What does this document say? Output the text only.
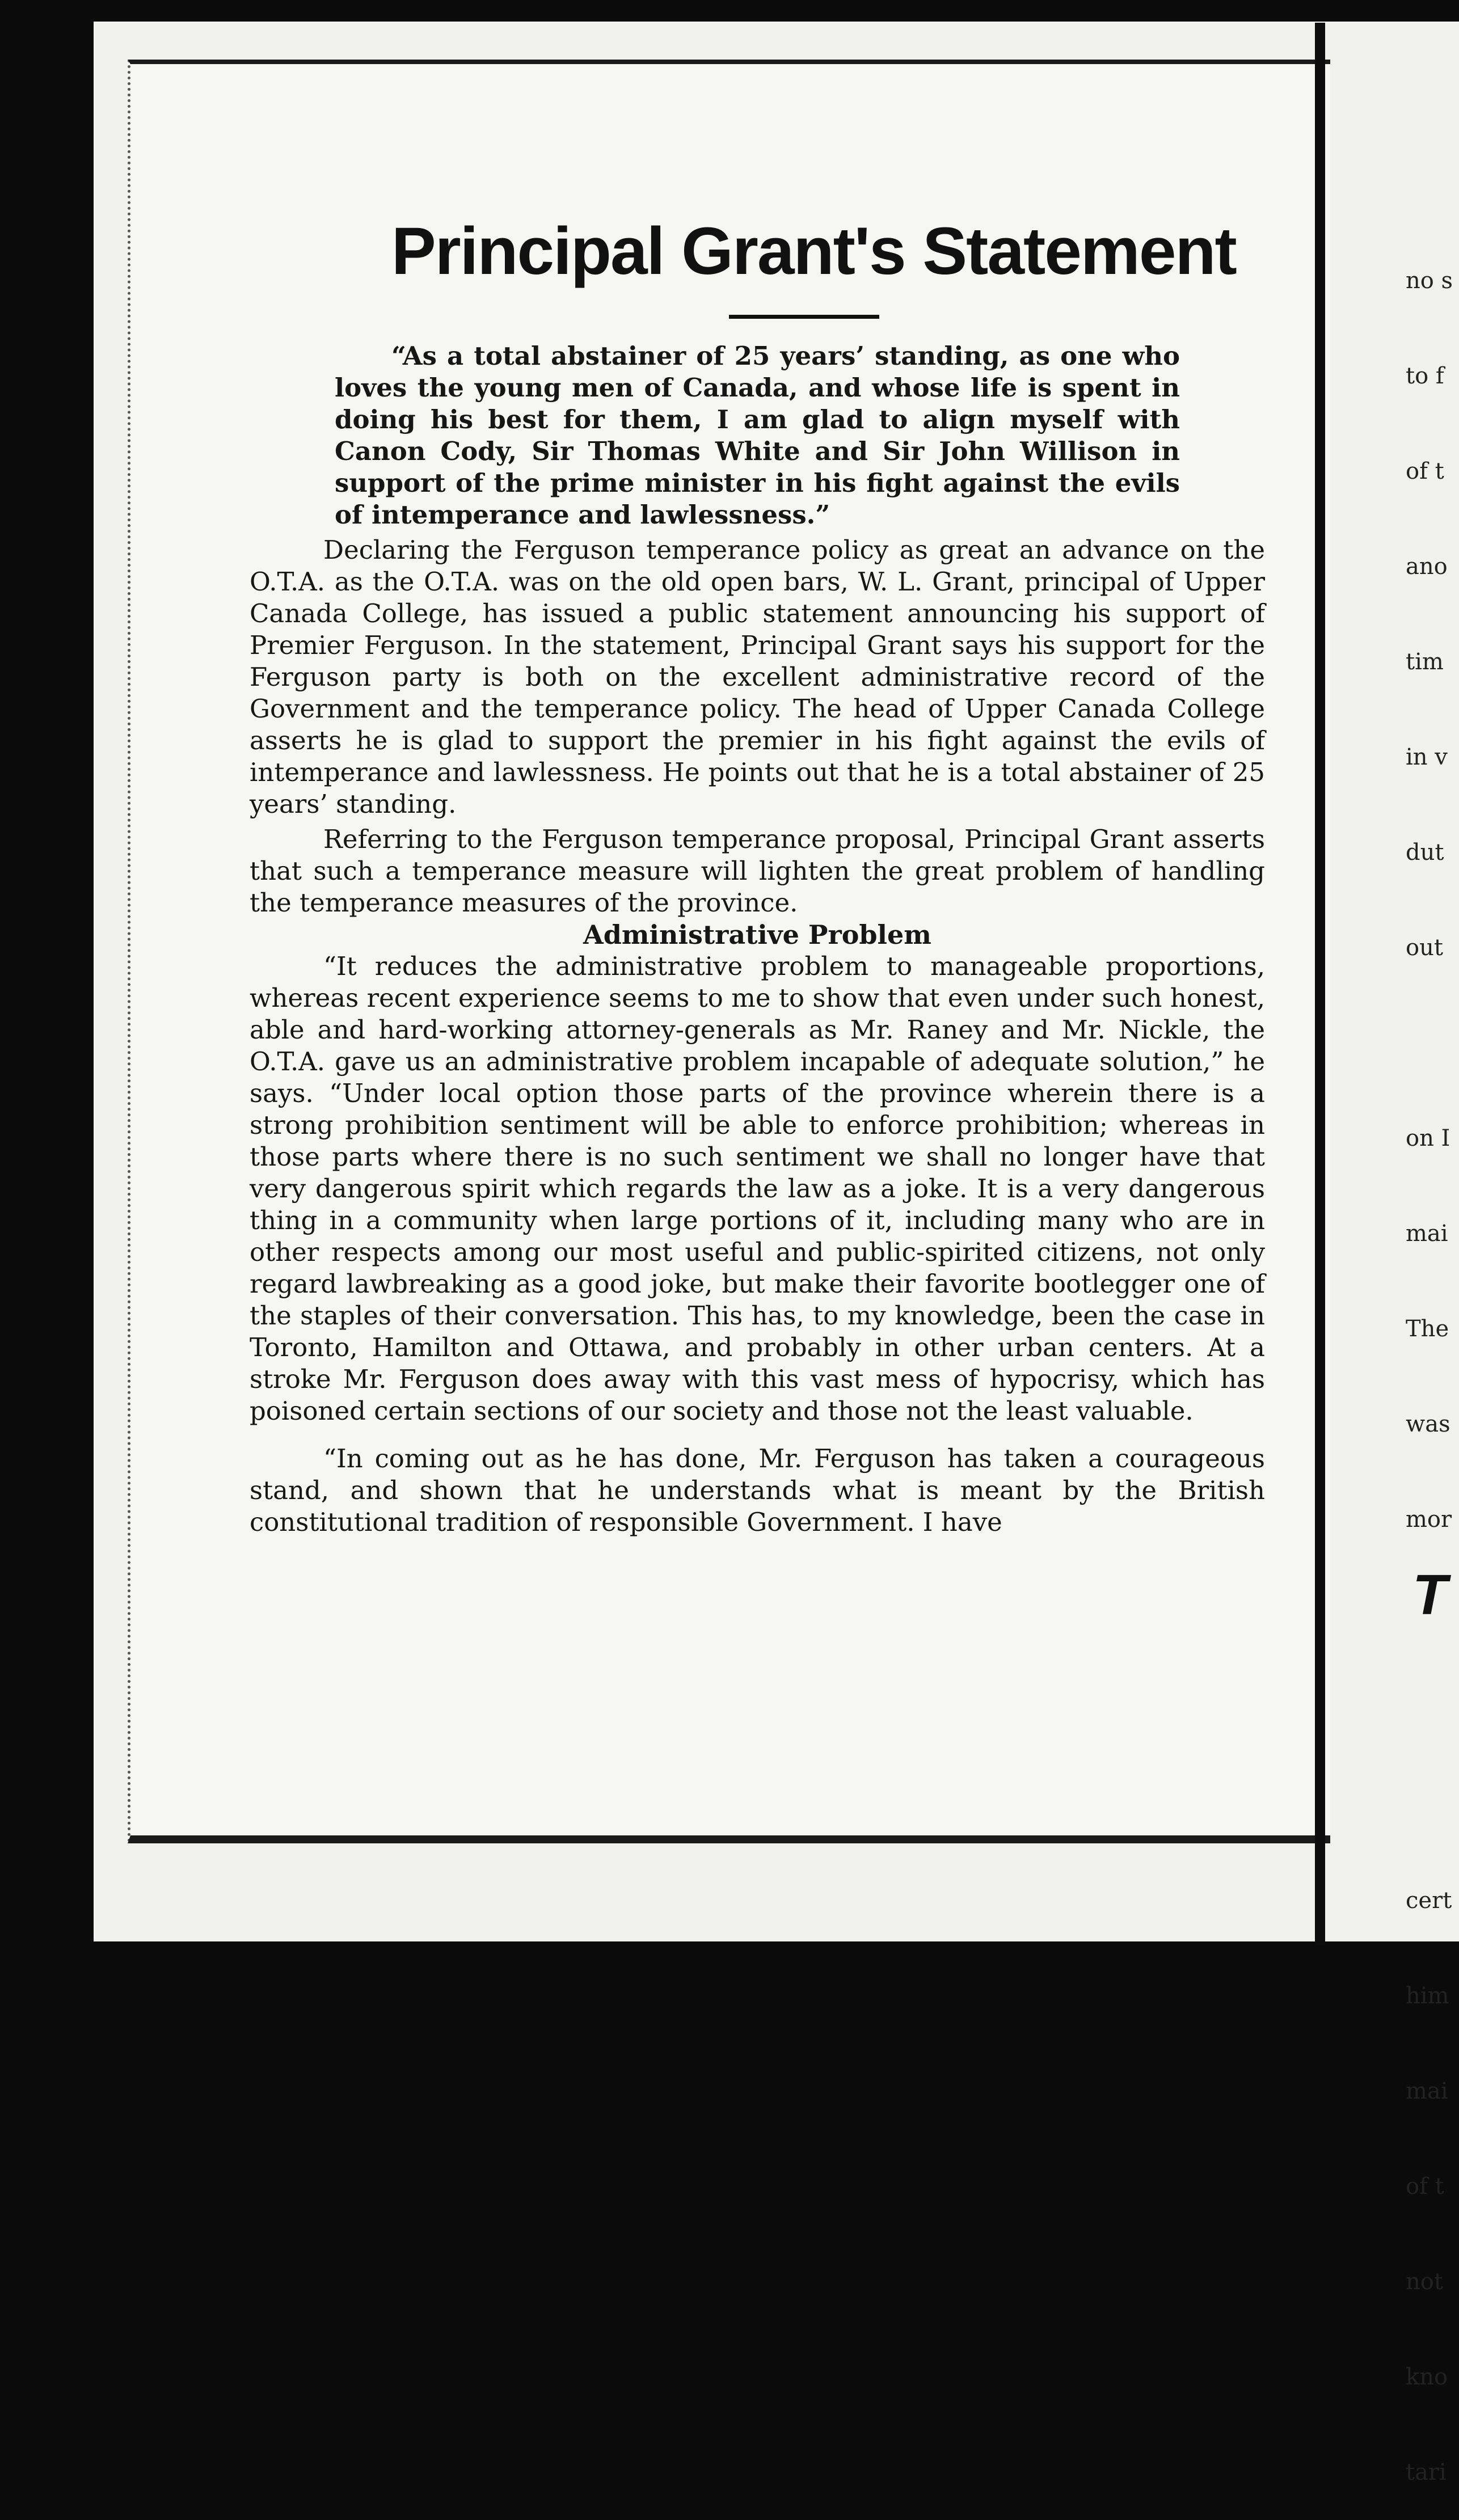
Principal Grant's Statement

“As a total abstainer of 25 years’ standing, as one who loves the young men of Canada, and whose life is spent in doing his best for them, I am glad to align myself with Canon Cody, Sir Thomas White and Sir John Willison in support of the prime minister in his fight against the evils of intemperance and lawlessness.”

Declaring the Ferguson temperance policy as great an advance on the O.T.A. as the O.T.A. was on the old open bars, W. L. Grant, principal of Upper Canada College, has issued a public statement announcing his support of Premier Ferguson. In the statement, Principal Grant says his support for the Ferguson party is both on the excellent administrative record of the Government and the temperance policy. The head of Upper Canada College asserts he is glad to support the premier in his fight against the evils of intemperance and lawlessness. He points out that he is a total abstainer of 25 years’ standing.

Referring to the Ferguson temperance proposal, Principal Grant asserts that such a temperance measure will lighten the great problem of handling the temperance measures of the province.

Administrative Problem

“It reduces the administrative problem to manageable proportions, whereas recent experience seems to me to show that even under such honest, able and hard-working attorney-generals as Mr. Raney and Mr. Nickle, the O.T.A. gave us an administrative problem incapable of adequate solution,” he says. “Under local option those parts of the province wherein there is a strong prohibition sentiment will be able to enforce prohibition; whereas in those parts where there is no such sentiment we shall no longer have that very dangerous spirit which regards the law as a joke. It is a very dangerous thing in a community when large portions of it, including many who are in other respects among our most useful and public-spirited citizens, not only regard lawbreaking as a good joke, but make their favorite bootlegger one of the staples of their conversation. This has, to my knowledge, been the case in Toronto, Hamilton and Ottawa, and probably in other urban centers. At a stroke Mr. Ferguson does away with this vast mess of hypocrisy, which has poisoned certain sections of our society and those not the least valuable.

“In coming out as he has done, Mr. Ferguson has taken a courageous stand, and shown that he understands what is meant by the British constitutional tradition of responsible Government. I have

no s

to f

of t

ano

tim

in v

dut

out

on I

mai

The

was

mor

cert

him

mai

of t

not

kno

tari

T
